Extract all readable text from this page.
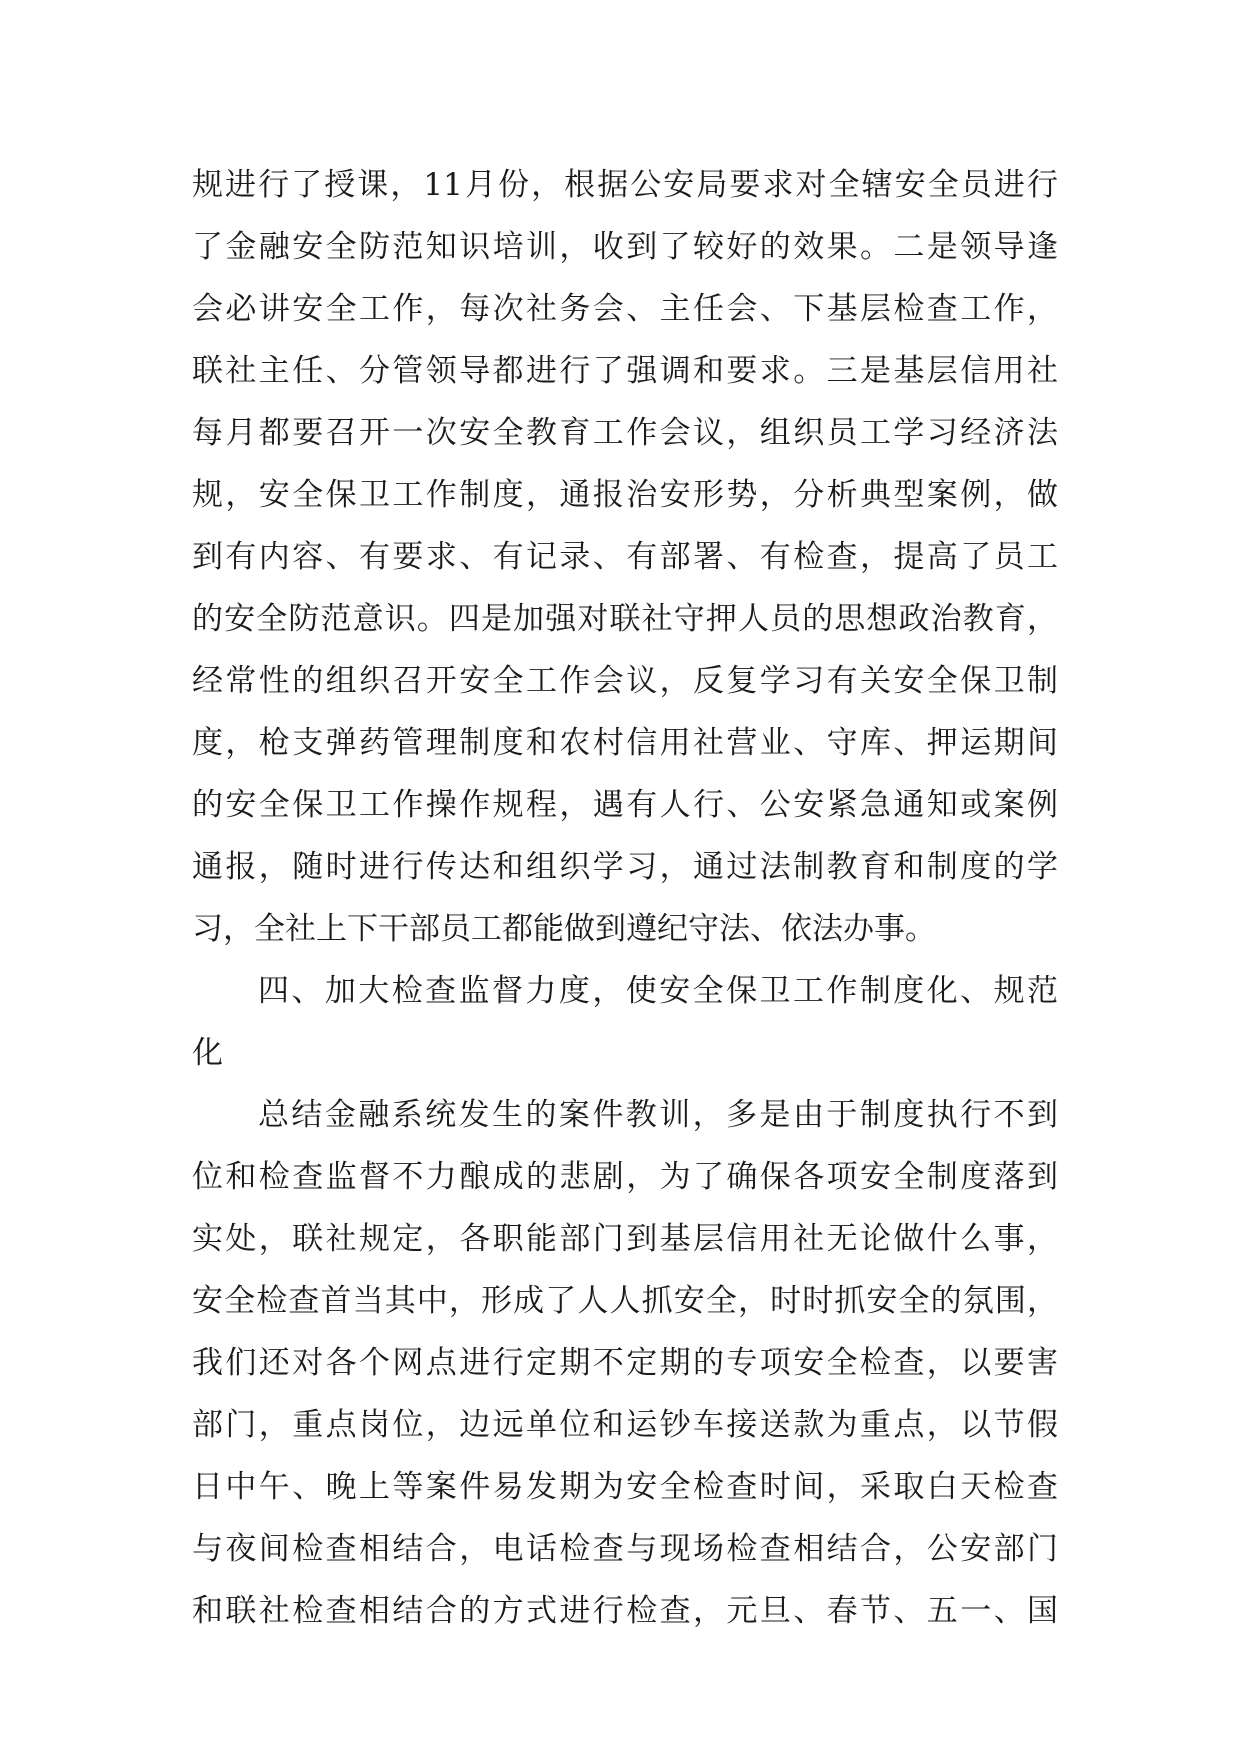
规进行了授课，11月份，根据公安局要求对全辖安全员进行
了金融安全防范知识培训，收到了较好的效果。二是领导逢
会必讲安全工作，每次社务会、主任会、下基层检查工作，
联社主任、分管领导都进行了强调和要求。三是基层信用社
每月都要召开一次安全教育工作会议，组织员工学习经济法
规，安全保卫工作制度，通报治安形势，分析典型案例，做
到有内容、有要求、有记录、有部署、有检查，提高了员工
的安全防范意识。四是加强对联社守押人员的思想政治教育，
经常性的组织召开安全工作会议，反复学习有关安全保卫制
度，枪支弹药管理制度和农村信用社营业、守库、押运期间
的安全保卫工作操作规程，遇有人行、公安紧急通知或案例
通报，随时进行传达和组织学习，通过法制教育和制度的学
习，全社上下干部员工都能做到遵纪守法、依法办事。
四、加大检查监督力度，使安全保卫工作制度化、规范
化
总结金融系统发生的案件教训，多是由于制度执行不到
位和检查监督不力酿成的悲剧，为了确保各项安全制度落到
实处，联社规定，各职能部门到基层信用社无论做什么事，
安全检查首当其中，形成了人人抓安全，时时抓安全的氛围，
我们还对各个网点进行定期不定期的专项安全检查，以要害
部门，重点岗位，边远单位和运钞车接送款为重点，以节假
日中午、晚上等案件易发期为安全检查时间，采取白天检查
与夜间检查相结合，电话检查与现场检查相结合，公安部门
和联社检查相结合的方式进行检查，元旦、春节、五一、国
